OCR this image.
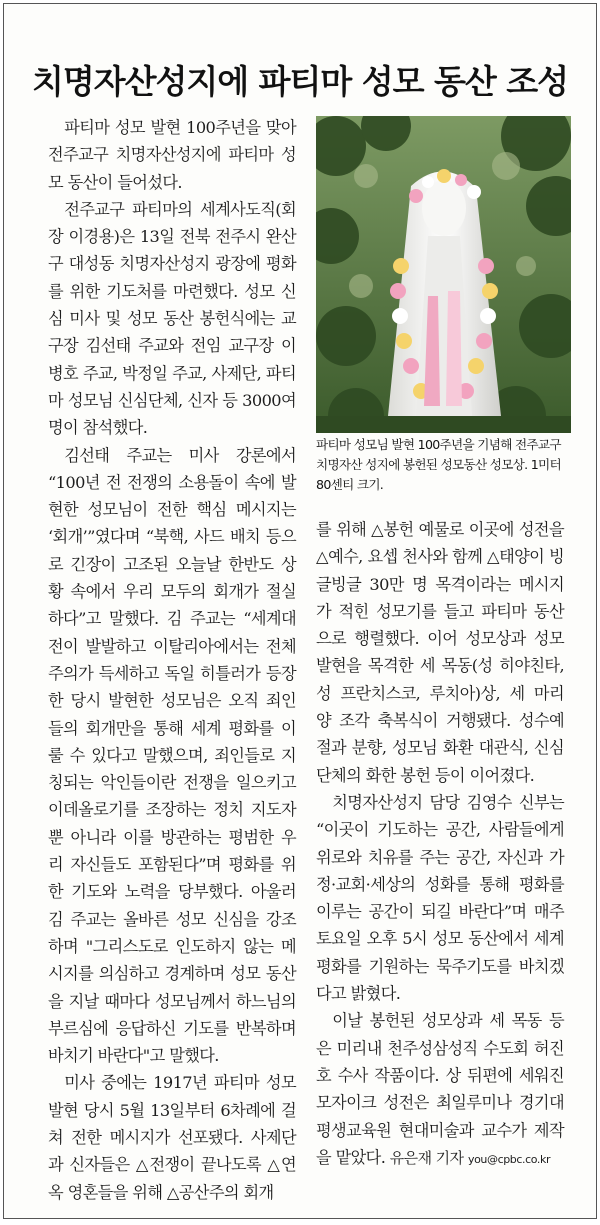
치명자산성지에 파티마 성모 동산 조성

파티마 성모 발현 100주년을 맞아 전주교구 치명자산성지에 파티마 성모 동산이 들어섰다.

전주교구 파티마의 세계사도직(회장 이경용)은 13일 전북 전주시 완산구 대성동 치명자산성지 광장에 평화를 위한 기도처를 마련했다. 성모 신심 미사 및 성모 동산 봉헌식에는 교구장 김선태 주교와 전임 교구장 이병호 주교, 박정일 주교, 사제단, 파티마 성모님 신심단체, 신자 등 3000여 명이 참석했다.

김선태 주교는 미사 강론에서 “100년 전 전쟁의 소용돌이 속에 발현한 성모님이 전한 핵심 메시지는 ‘회개’”였다며 “북핵, 사드 배치 등으로 긴장이 고조된 오늘날 한반도 상황 속에서 우리 모두의 회개가 절실하다”고 말했다. 김 주교는 “세계대전이 발발하고 이탈리아에서는 전체주의가 득세하고 독일 히틀러가 등장한 당시 발현한 성모님은 오직 죄인들의 회개만을 통해 세계 평화를 이룰 수 있다고 말했으며, 죄인들로 지칭되는 악인들이란 전쟁을 일으키고 이데올로기를 조장하는 정치 지도자뿐 아니라 이를 방관하는 평범한 우리 자신들도 포함된다”며 평화를 위한 기도와 노력을 당부했다. 아울러 김 주교는 올바른 성모 신심을 강조하며 "그리스도로 인도하지 않는 메시지를 의심하고 경계하며 성모 동산을 지날 때마다 성모님께서 하느님의 부르심에 응답하신 기도를 반복하며 바치기 바란다"고 말했다.

미사 중에는 1917년 파티마 성모 발현 당시 5월 13일부터 6차례에 걸쳐 전한 메시지가 선포됐다. 사제단과 신자들은 △전쟁이 끝나도록 △연옥 영혼들을 위해 △공산주의 회개

파티마 성모님 발현 100주년을 기념해 전주교구 치명자산 성지에 봉헌된 성모동산 성모상. 1미터 80센티 크기.

를 위해 △봉헌 예물로 이곳에 성전을 △예수, 요셉 천사와 함께 △태양이 빙글빙글 30만 명 목격이라는 메시지가 적힌 성모기를 들고 파티마 동산으로 행렬했다. 이어 성모상과 성모 발현을 목격한 세 목동(성 히야친타, 성 프란치스코, 루치아)상, 세 마리 양 조각 축복식이 거행됐다. 성수예절과 분향, 성모님 화환 대관식, 신심단체의 화한 봉헌 등이 이어졌다.

치명자산성지 담당 김영수 신부는 “이곳이 기도하는 공간, 사람들에게 위로와 치유를 주는 공간, 자신과 가정·교회·세상의 성화를 통해 평화를 이루는 공간이 되길 바란다”며 매주 토요일 오후 5시 성모 동산에서 세계 평화를 기원하는 묵주기도를 바치겠다고 밝혔다.

이날 봉헌된 성모상과 세 목동 등은 미리내 천주성삼성직 수도회 허진호 수사 작품이다. 상 뒤편에 세워진 모자이크 성전은 최일루미나 경기대 평생교육원 현대미술과 교수가 제작을 맡았다. 유은재 기자 you@cpbc.co.kr
